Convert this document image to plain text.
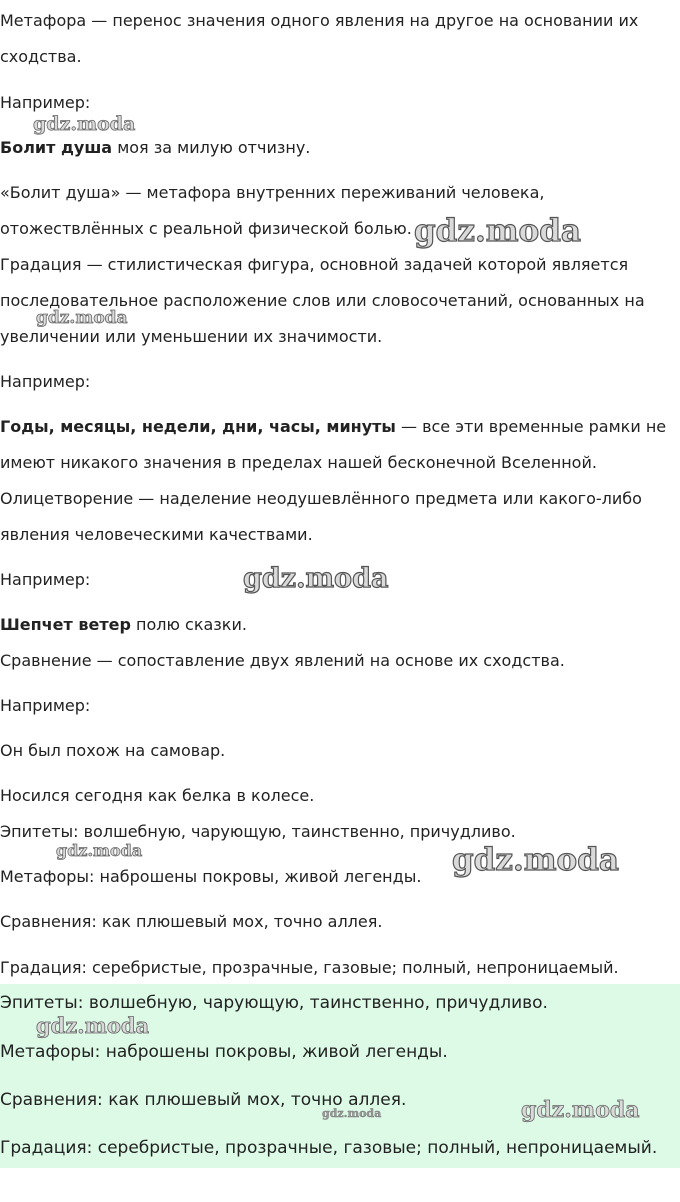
Метафора — перенос значения одного явления на другое на основании их
сходства.
Например:
Болит душа моя за милую отчизну.
«Болит душа» — метафора внутренних переживаний человека,
отожествлённых с реальной физической болью.
Градация — стилистическая фигура, основной задачей которой является
последовательное расположение слов или словосочетаний, основанных на
увеличении или уменьшении их значимости.
Например:
Годы, месяцы, недели, дни, часы, минуты — все эти временные рамки не
имеют никакого значения в пределах нашей бесконечной Вселенной.
Олицетворение — наделение неодушевлённого предмета или какого-либо
явления человеческими качествами.
Например:
Шепчет ветер полю сказки.
Сравнение — сопоставление двух явлений на основе их сходства.
Например:
Он был похож на самовар.
Носился сегодня как белка в колесе.
Эпитеты: волшебную, чарующую, таинственно, причудливо.
Метафоры: наброшены покровы, живой легенды.
Сравнения: как плюшевый мох, точно аллея.
Градация: серебристые, прозрачные, газовые; полный, непроницаемый.
Эпитеты: волшебную, чарующую, таинственно, причудливо.
Метафоры: наброшены покровы, живой легенды.
Сравнения: как плюшевый мох, точно аллея.
Градация: серебристые, прозрачные, газовые; полный, непроницаемый.
gdz.moda
gdz.moda
gdz.moda
gdz.moda
gdz.moda	gdz.moda
gdz.moda
gdz.moda	gdz.moda
